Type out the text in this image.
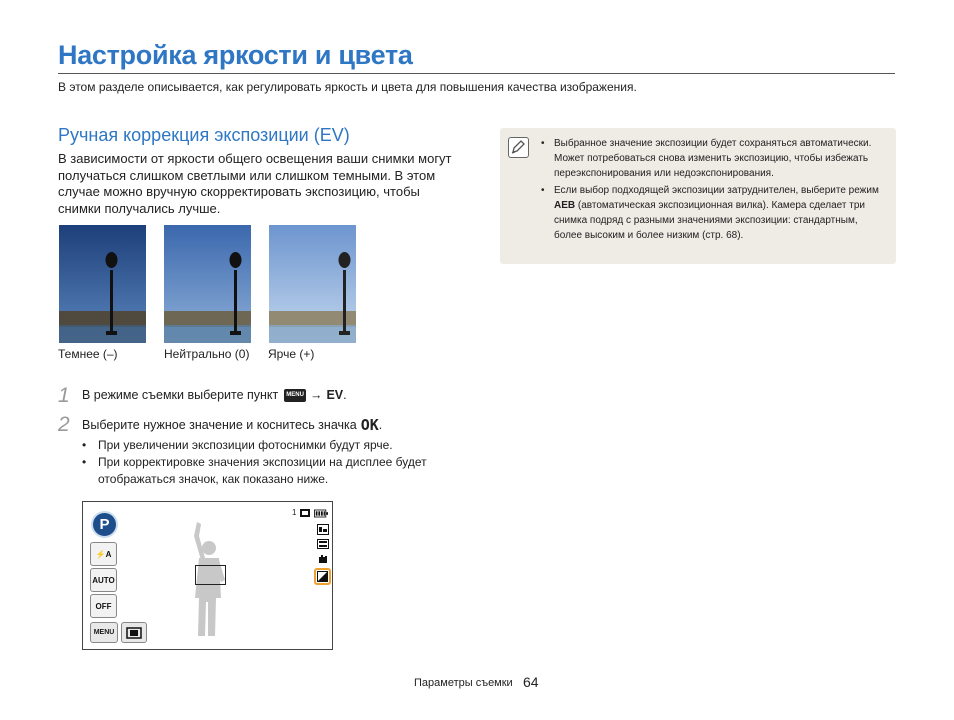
Настройка яркости и цвета
В этом разделе описывается, как регулировать яркость и цвета для повышения качества изображения.
Ручная коррекция экспозиции (EV)
В зависимости от яркости общего освещения ваши снимки могут получаться слишком светлыми или слишком темными. В этом случае можно вручную скорректировать экспозицию, чтобы снимки получались лучше.
Темнее (–)	Нейтрально (0) Ярче (+)
1 В режиме съемки выберите пункт	MENU → EV .
2 Выберите нужное значение и коснитесь значка OK .
• При увеличении экспозиции фотоснимки будут ярче.
• При корректировке значения экспозиции на дисплее будет отображаться значок, как показано ниже.
P
⚡A
AUTO
OFF
MENU
1
• Выбранное значение экспозиции будет сохраняться автоматически. Может потребоваться снова изменить экспозицию, чтобы избежать переэкспонирования или недоэкспонирования.
• Если выбор подходящей экспозиции затруднителен, выберите режим AEB (автоматическая экспозиционная вилка). Камера сделает три снимка подряд с разными значениями экспозиции: стандартным, более высоким и более низким (стр. 68).
Параметры съемки 64
